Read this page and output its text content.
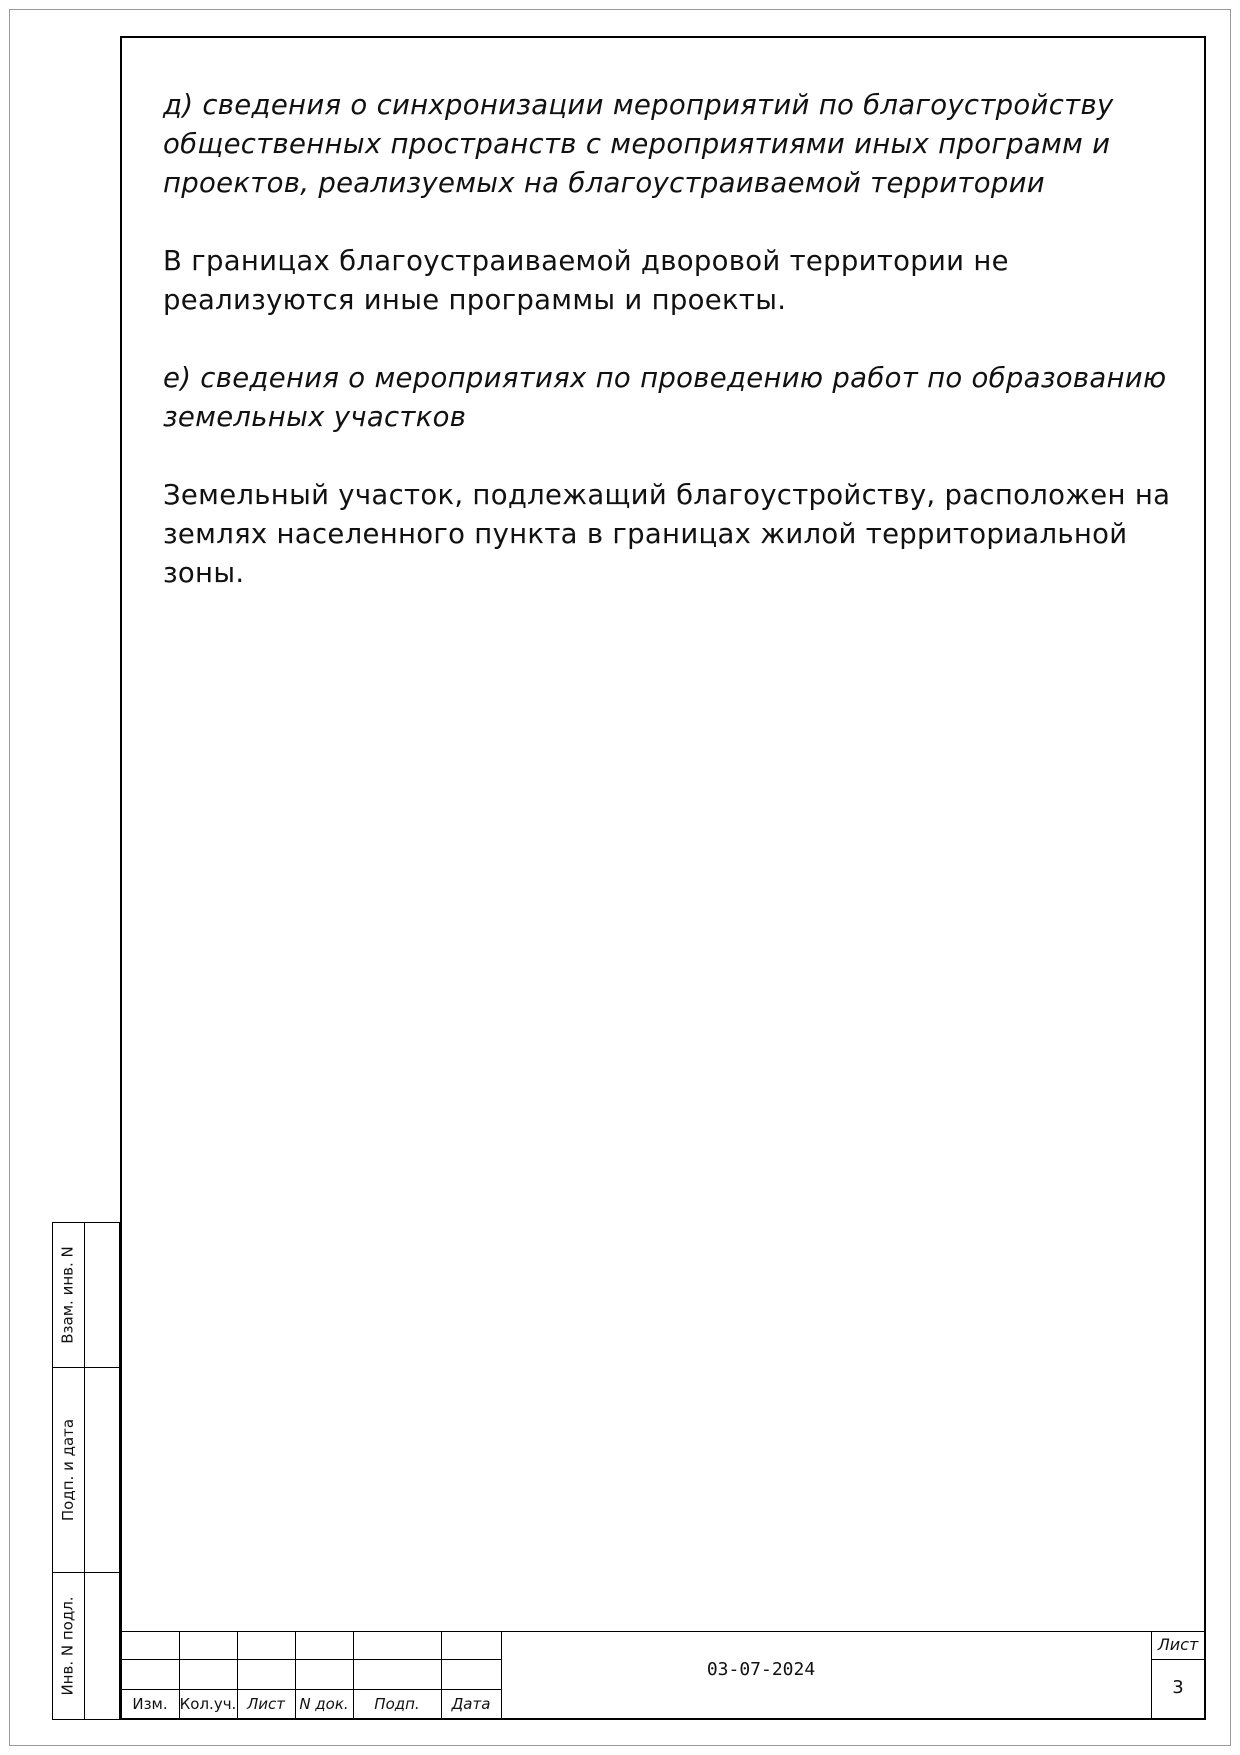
д) сведения о синхронизации мероприятий по благоустройству общественных пространств с мероприятиями иных программ и проектов, реализуемых на благоустраиваемой территории

В границах благоустраиваемой дворовой территории не реализуются иные программы и проекты.

е) сведения о мероприятиях по проведению работ по образованию земельных участков

Земельный участок, подлежащий благоустройству, расположен на землях населенного пункта в границах жилой территориальной зоны.

Взам. инв. N
Подп. и дата
Инв. N подл.
Изм. Кол.уч. Лист N док.	Подп.	Дата
03-07-2024
Лист
3
